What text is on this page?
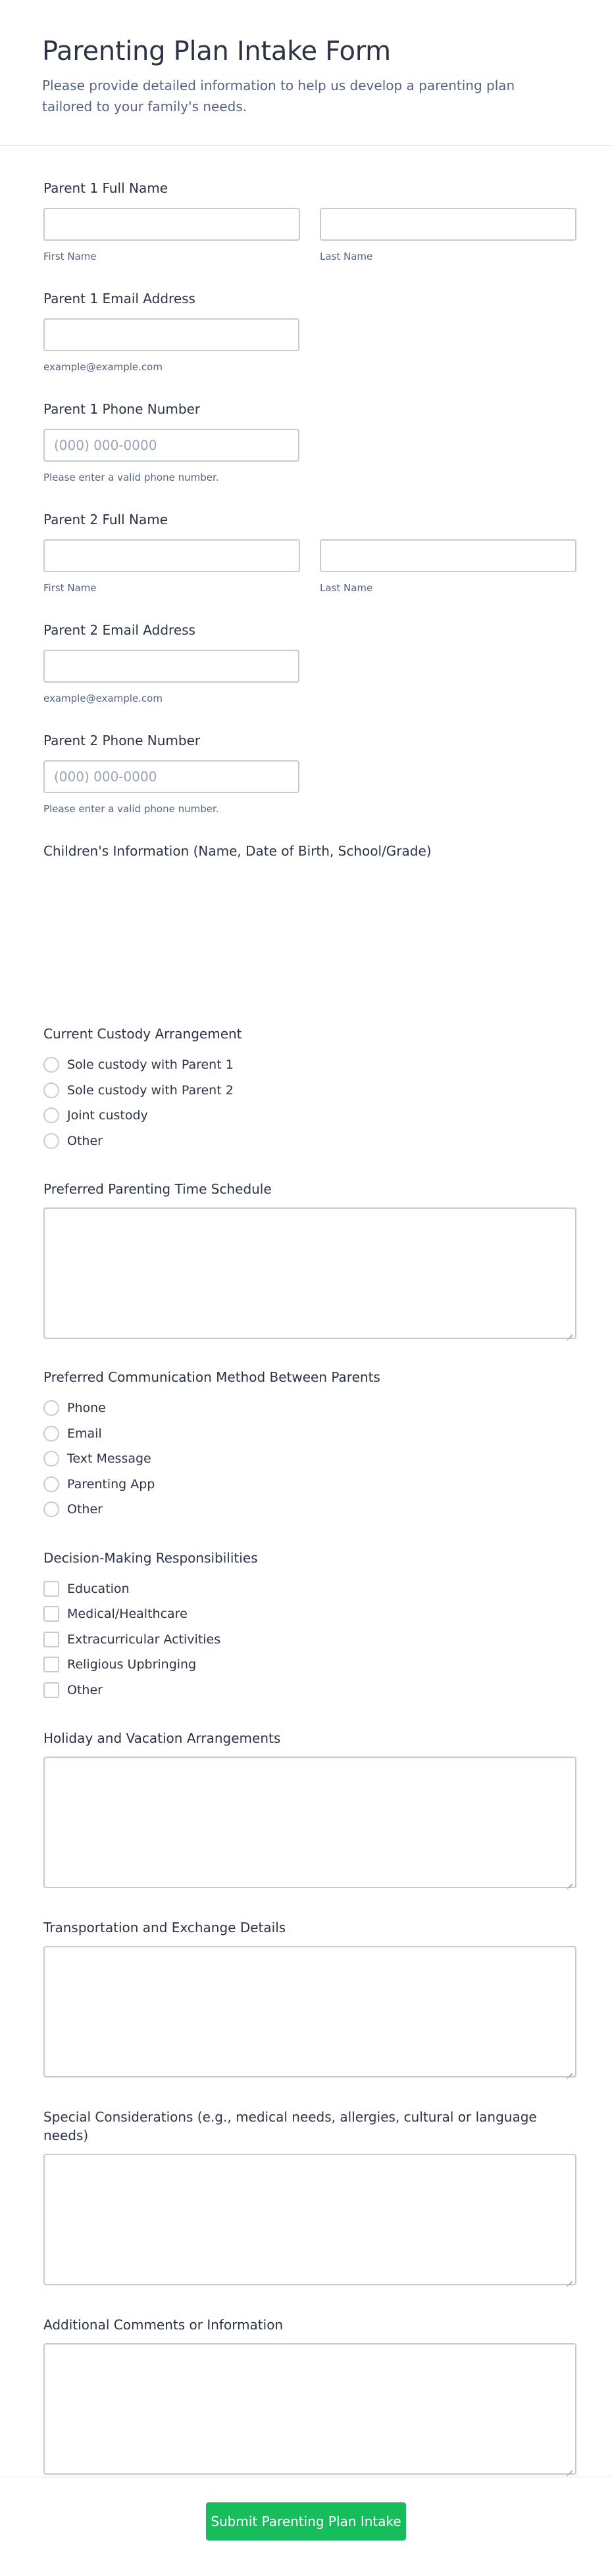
Parenting Plan Intake Form

Please provide detailed information to help us develop a parenting plan tailored to your family's needs.

Parent 1 Full Name
First Name	Last Name
Parent 1 Email Address
example@example.com
Parent 1 Phone Number
(000) 000-0000
Please enter a valid phone number.
Parent 2 Full Name
First Name	Last Name
Parent 2 Email Address
example@example.com
Parent 2 Phone Number
(000) 000-0000
Please enter a valid phone number.
Children's Information (Name, Date of Birth, School/Grade)
Current Custody Arrangement
Sole custody with Parent 1
Sole custody with Parent 2
Joint custody
Other
Preferred Parenting Time Schedule
Preferred Communication Method Between Parents
Phone
Email
Text Message
Parenting App
Other
Decision-Making Responsibilities
Education
Medical/Healthcare
Extracurricular Activities
Religious Upbringing
Other
Holiday and Vacation Arrangements
Transportation and Exchange Details
Special Considerations (e.g., medical needs, allergies, cultural or language needs)
Additional Comments or Information
Submit Parenting Plan Intake
